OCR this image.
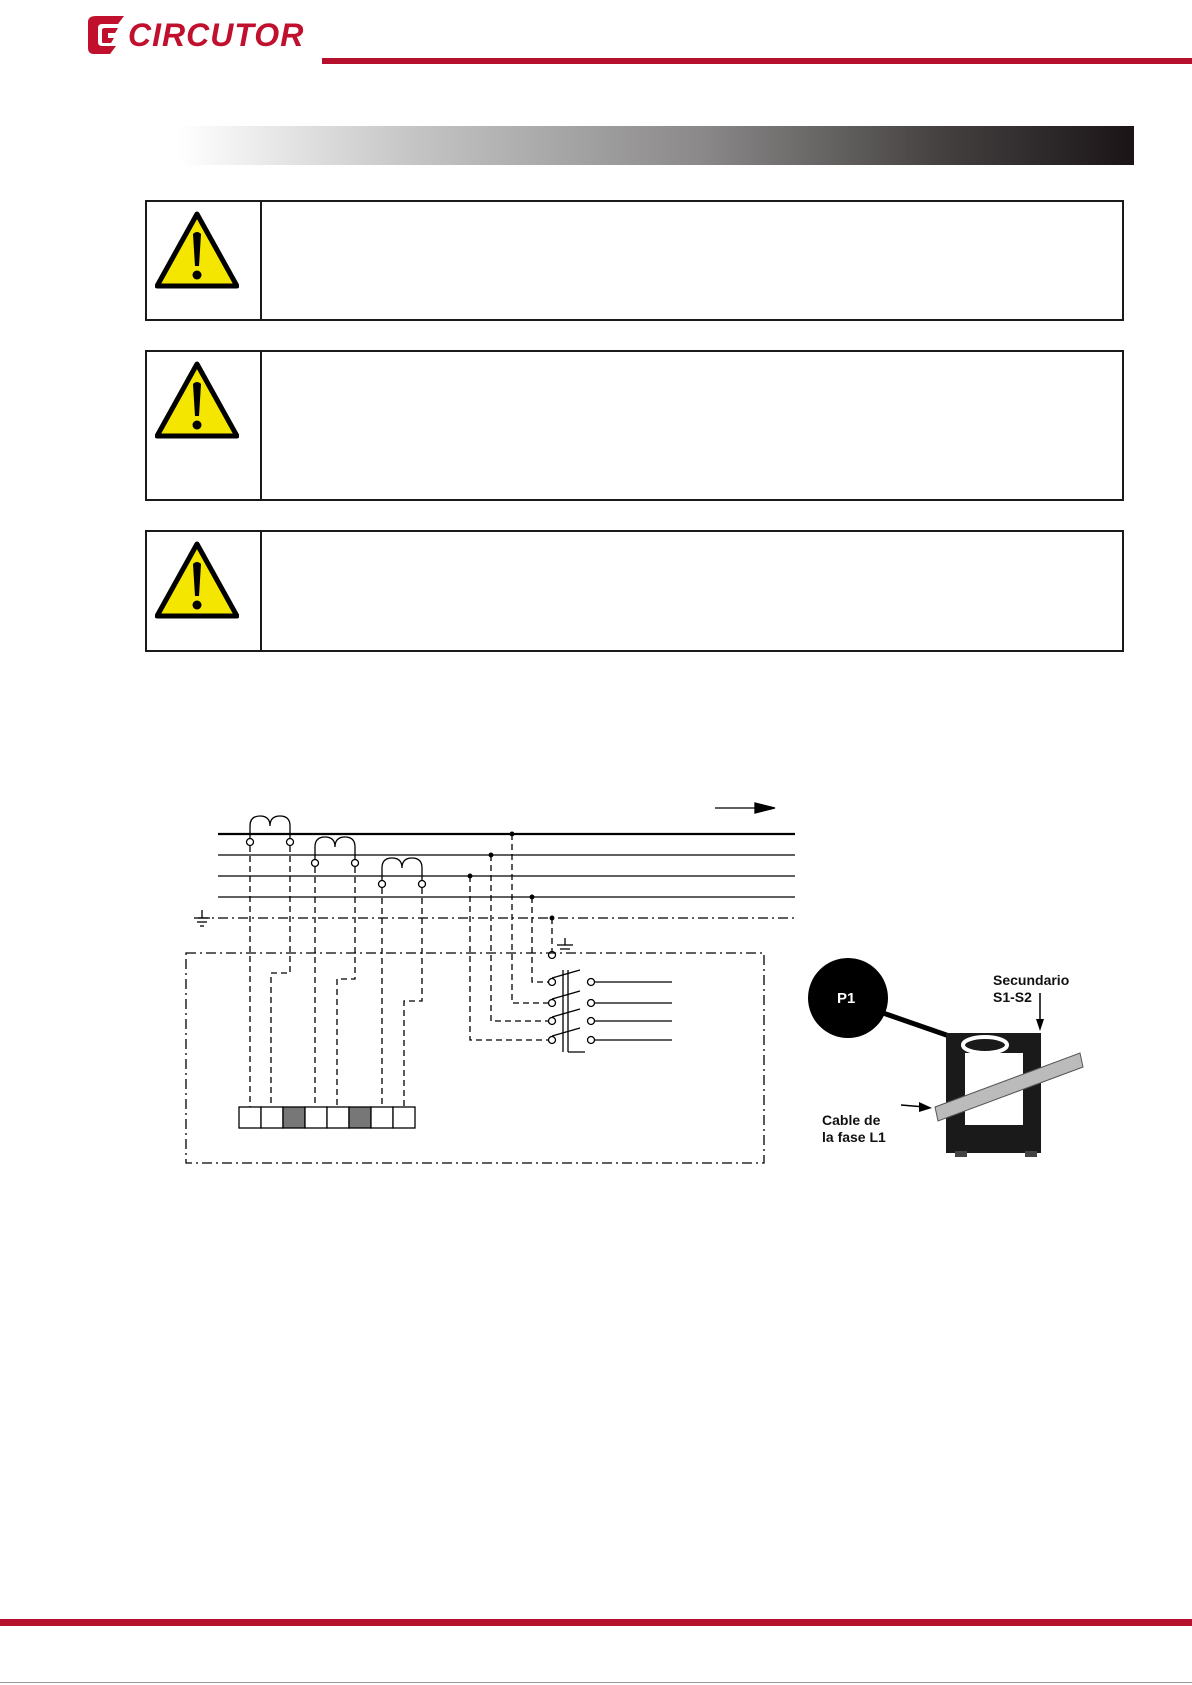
CIRCUTOR
P1
Secundario
S1-S2
Cable de
la fase L1
